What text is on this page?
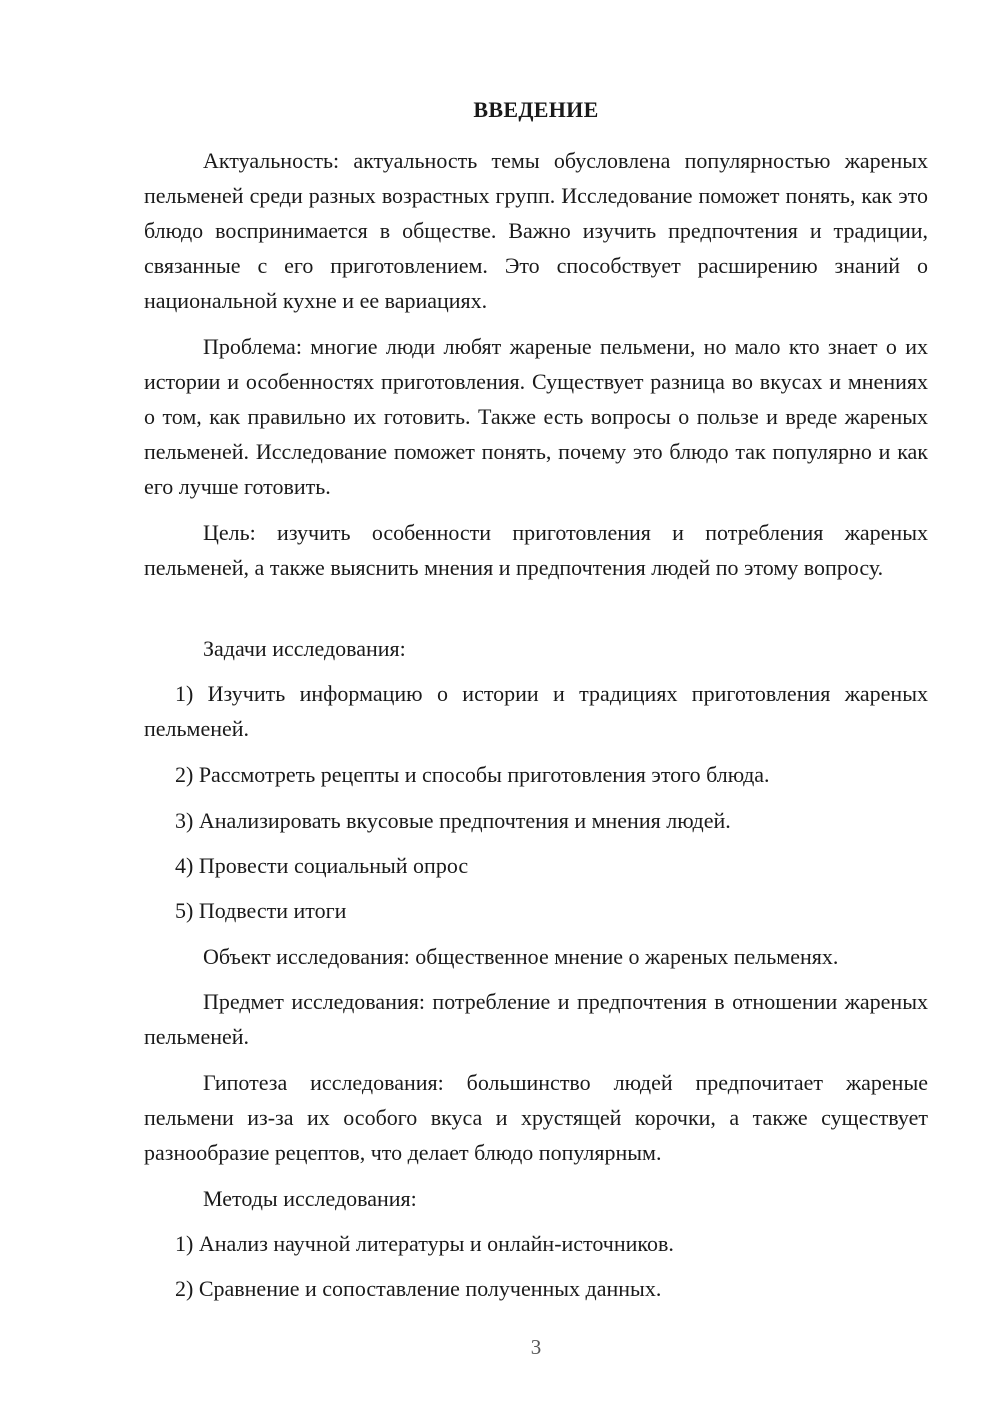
ВВЕДЕНИЕ

Актуальность: актуальность темы обусловлена популярностью жареных пельменей среди разных возрастных групп. Исследование поможет понять, как это блюдо воспринимается в обществе. Важно изучить предпочтения и традиции, связанные с его приготовлением. Это способствует расширению знаний о национальной кухне и ее вариациях.

Проблема: многие люди любят жареные пельмени, но мало кто знает о их истории и особенностях приготовления. Существует разница во вкусах и мнениях о том, как правильно их готовить. Также есть вопросы о пользе и вреде жареных пельменей. Исследование поможет понять, почему это блюдо так популярно и как его лучше готовить.

Цель: изучить особенности приготовления и потребления жареных пельменей, а также выяснить мнения и предпочтения людей по этому вопросу.

Задачи исследования:

1) Изучить информацию о истории и традициях приготовления жареных пельменей.

2) Рассмотреть рецепты и способы приготовления этого блюда.

3) Анализировать вкусовые предпочтения и мнения людей.

4) Провести социальный опрос

5) Подвести итоги

Объект исследования: общественное мнение о жареных пельменях.

Предмет исследования: потребление и предпочтения в отношении жареных пельменей.

Гипотеза исследования: большинство людей предпочитает жареные пельмени из-за их особого вкуса и хрустящей корочки, а также существует разнообразие рецептов, что делает блюдо популярным.

Методы исследования:

1) Анализ научной литературы и онлайн-источников.

2) Сравнение и сопоставление полученных данных.

3
